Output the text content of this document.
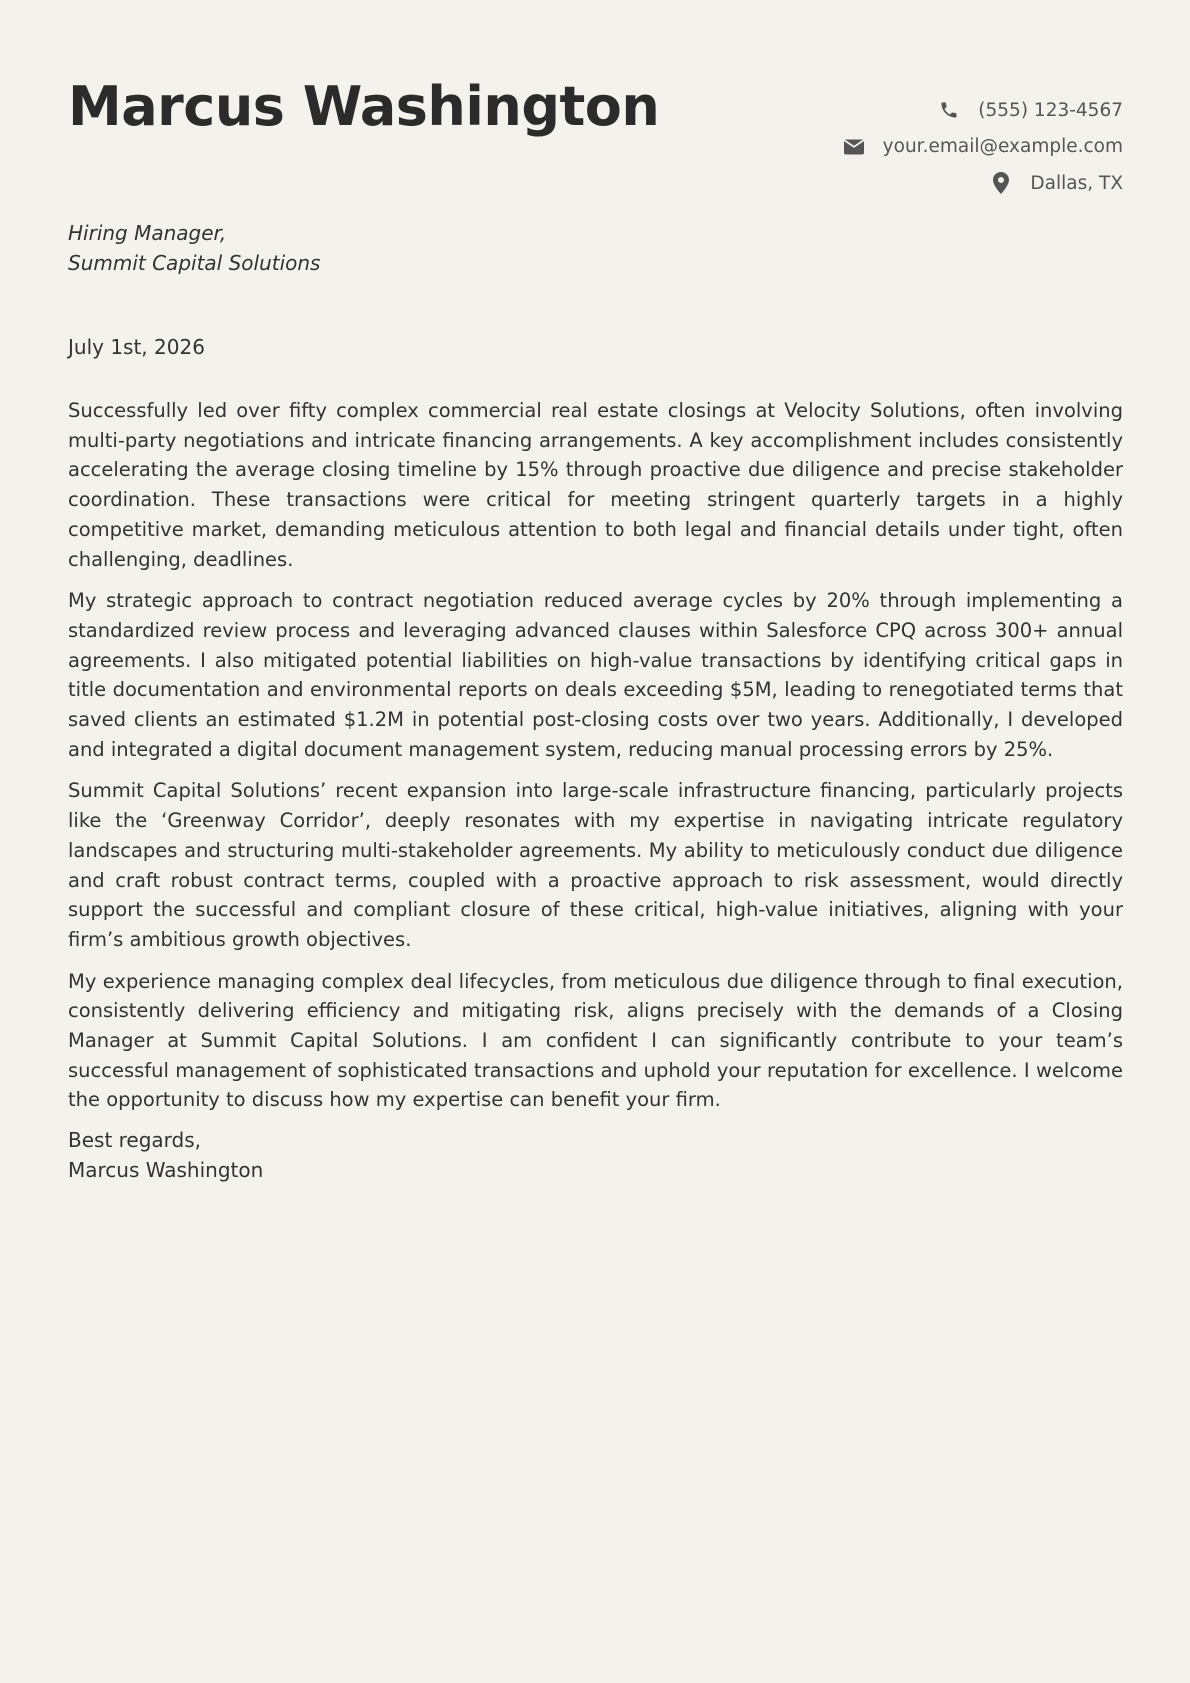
Marcus Washington	(555) 123-4567
your.email@example.com
Dallas, TX
Hiring Manager,
Summit Capital Solutions
July 1st, 2026

Successfully led over fifty complex commercial real estate closings at Velocity Solutions, often involving multi-party negotiations and intricate financing arrangements. A key accomplishment includes consistently accelerating the average closing timeline by 15% through proactive due diligence and precise stakeholder coordination. These transactions were critical for meeting stringent quarterly targets in a highly competitive market, demanding meticulous attention to both legal and financial details under tight, often challenging, deadlines.

My strategic approach to contract negotiation reduced average cycles by 20% through implementing a standardized review process and leveraging advanced clauses within Salesforce CPQ across 300+ annual agreements. I also mitigated potential liabilities on high-value transactions by identifying critical gaps in title documentation and environmental reports on deals exceeding $5M, leading to renegotiated terms that saved clients an estimated $1.2M in potential post-closing costs over two years. Additionally, I developed and integrated a digital document management system, reducing manual processing errors by 25%.

Summit Capital Solutions’ recent expansion into large-scale infrastructure financing, particularly projects like the ‘Greenway Corridor’, deeply resonates with my expertise in navigating intricate regulatory landscapes and structuring multi-stakeholder agreements. My ability to meticulously conduct due diligence and craft robust contract terms, coupled with a proactive approach to risk assessment, would directly support the successful and compliant closure of these critical, high-value initiatives, aligning with your firm’s ambitious growth objectives.

My experience managing complex deal lifecycles, from meticulous due diligence through to final execution, consistently delivering efficiency and mitigating risk, aligns precisely with the demands of a Closing Manager at Summit Capital Solutions. I am confident I can significantly contribute to your team’s successful management of sophisticated transactions and uphold your reputation for excellence. I welcome the opportunity to discuss how my expertise can benefit your firm.

Best regards,
Marcus Washington
